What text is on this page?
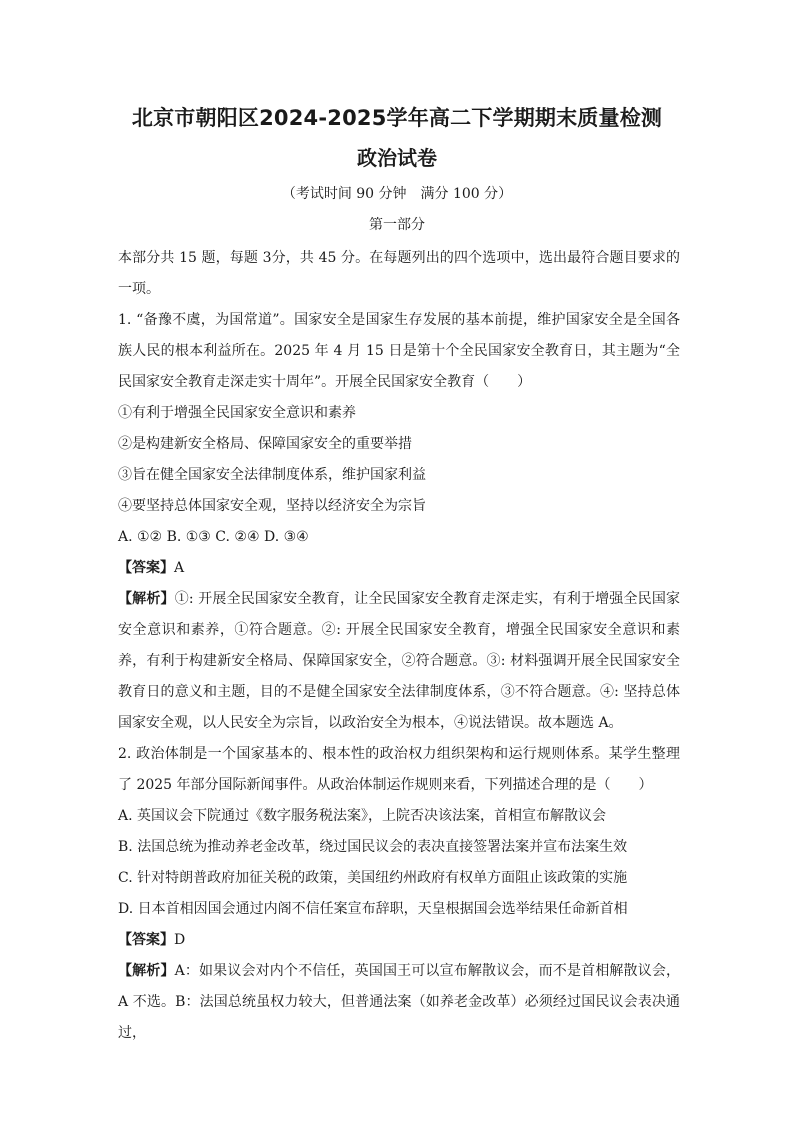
北京市朝阳区2024-2025学年高二下学期期末质量检测
政治试卷
（考试时间 90 分钟　满分 100 分）
第一部分

本部分共 15 题，每题 3分，共 45 分。在每题列出的四个选项中，选出最符合题目要求的一项。

1. “备豫不虞，为国常道”。国家安全是国家生存发展的基本前提，维护国家安全是全国各族人民的根本利益所在。2025 年 4 月 15 日是第十个全民国家安全教育日，其主题为“全民国家安全教育走深走实十周年”。开展全民国家安全教育（　　）

①有利于增强全民国家安全意识和素养

②是构建新安全格局、保障国家安全的重要举措

③旨在健全国家安全法律制度体系，维护国家利益

④要坚持总体国家安全观，坚持以经济安全为宗旨

A. ①② B. ①③ C. ②④ D. ③④

【答案】A

【解析】①: 开展全民国家安全教育，让全民国家安全教育走深走实，有利于增强全民国家安全意识和素养，①符合题意。②: 开展全民国家安全教育，增强全民国家安全意识和素养，有利于构建新安全格局、保障国家安全，②符合题意。③: 材料强调开展全民国家安全教育日的意义和主题，目的不是健全国家安全法律制度体系，③不符合题意。④: 坚持总体国家安全观，以人民安全为宗旨，以政治安全为根本，④说法错误。故本题选 A。

2. 政治体制是一个国家基本的、根本性的政治权力组织架构和运行规则体系。某学生整理了 2025 年部分国际新闻事件。从政治体制运作规则来看，下列描述合理的是（　　）

A. 英国议会下院通过《数字服务税法案》，上院否决该法案，首相宣布解散议会

B. 法国总统为推动养老金改革，绕过国民议会的表决直接签署法案并宣布法案生效

C. 针对特朗普政府加征关税的政策，美国纽约州政府有权单方面阻止该政策的实施

D. 日本首相因国会通过内阁不信任案宣布辞职，天皇根据国会选举结果任命新首相

【答案】D

【解析】A：如果议会对内个不信任，英国国王可以宣布解散议会，而不是首相解散议会，A 不选。B：法国总统虽权力较大，但普通法案（如养老金改革）必须经过国民议会表决通过，
